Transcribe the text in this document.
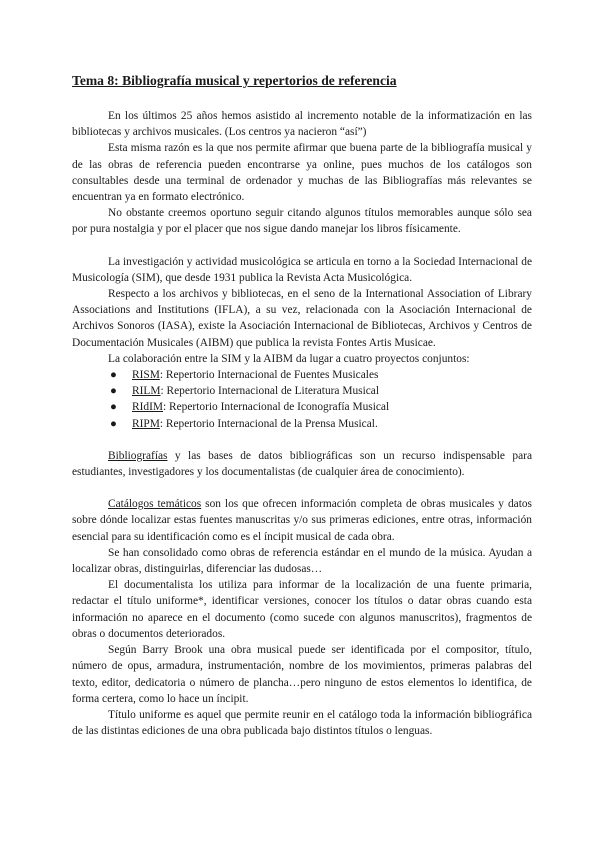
Tema 8: Bibliografía musical y repertorios de referencia

En los últimos 25 años hemos asistido al incremento notable de la informatización en las bibliotecas y archivos musicales. (Los centros ya nacieron “así”)

Esta misma razón es la que nos permite afirmar que buena parte de la bibliografía musical y de las obras de referencia pueden encontrarse ya online, pues muchos de los catálogos son consultables desde una terminal de ordenador y muchas de las Bibliografías más relevantes se encuentran ya en formato electrónico.

No obstante creemos oportuno seguir citando algunos títulos memorables aunque sólo sea por pura nostalgia y por el placer que nos sigue dando manejar los libros físicamente.

La investigación y actividad musicológica se articula en torno a la Sociedad Internacional de Musicología (SIM), que desde 1931 publica la Revista Acta Musicológica.

Respecto a los archivos y bibliotecas, en el seno de la International Association of Library Associations and Institutions (IFLA), a su vez, relacionada con la Asociación Internacional de Archivos Sonoros (IASA), existe la Asociación Internacional de Bibliotecas, Archivos y Centros de Documentación Musicales (AIBM) que publica la revista Fontes Artis Musicae.

La colaboración entre la SIM y la AIBM da lugar a cuatro proyectos conjuntos:

● RISM: Repertorio Internacional de Fuentes Musicales
● RILM: Repertorio Internacional de Literatura Musical
● RIdIM: Repertorio Internacional de Iconografía Musical
● RIPM: Repertorio Internacional de la Prensa Musical.

Bibliografías y las bases de datos bibliográficas son un recurso indispensable para estudiantes, investigadores y los documentalistas (de cualquier área de conocimiento).

Catálogos temáticos son los que ofrecen información completa de obras musicales y datos sobre dónde localizar estas fuentes manuscritas y/o sus primeras ediciones, entre otras, información esencial para su identificación como es el íncipit musical de cada obra.

Se han consolidado como obras de referencia estándar en el mundo de la música. Ayudan a localizar obras, distinguirlas, diferenciar las dudosas…

El documentalista los utiliza para informar de la localización de una fuente primaria, redactar el título uniforme*, identificar versiones, conocer los títulos o datar obras cuando esta información no aparece en el documento (como sucede con algunos manuscritos), fragmentos de obras o documentos deteriorados.

Según Barry Brook una obra musical puede ser identificada por el compositor, título, número de opus, armadura, instrumentación, nombre de los movimientos, primeras palabras del texto, editor, dedicatoria o número de plancha…pero ninguno de estos elementos lo identifica, de forma certera, como lo hace un íncipit.

Título uniforme es aquel que permite reunir en el catálogo toda la información bibliográfica de las distintas ediciones de una obra publicada bajo distintos títulos o lenguas.
